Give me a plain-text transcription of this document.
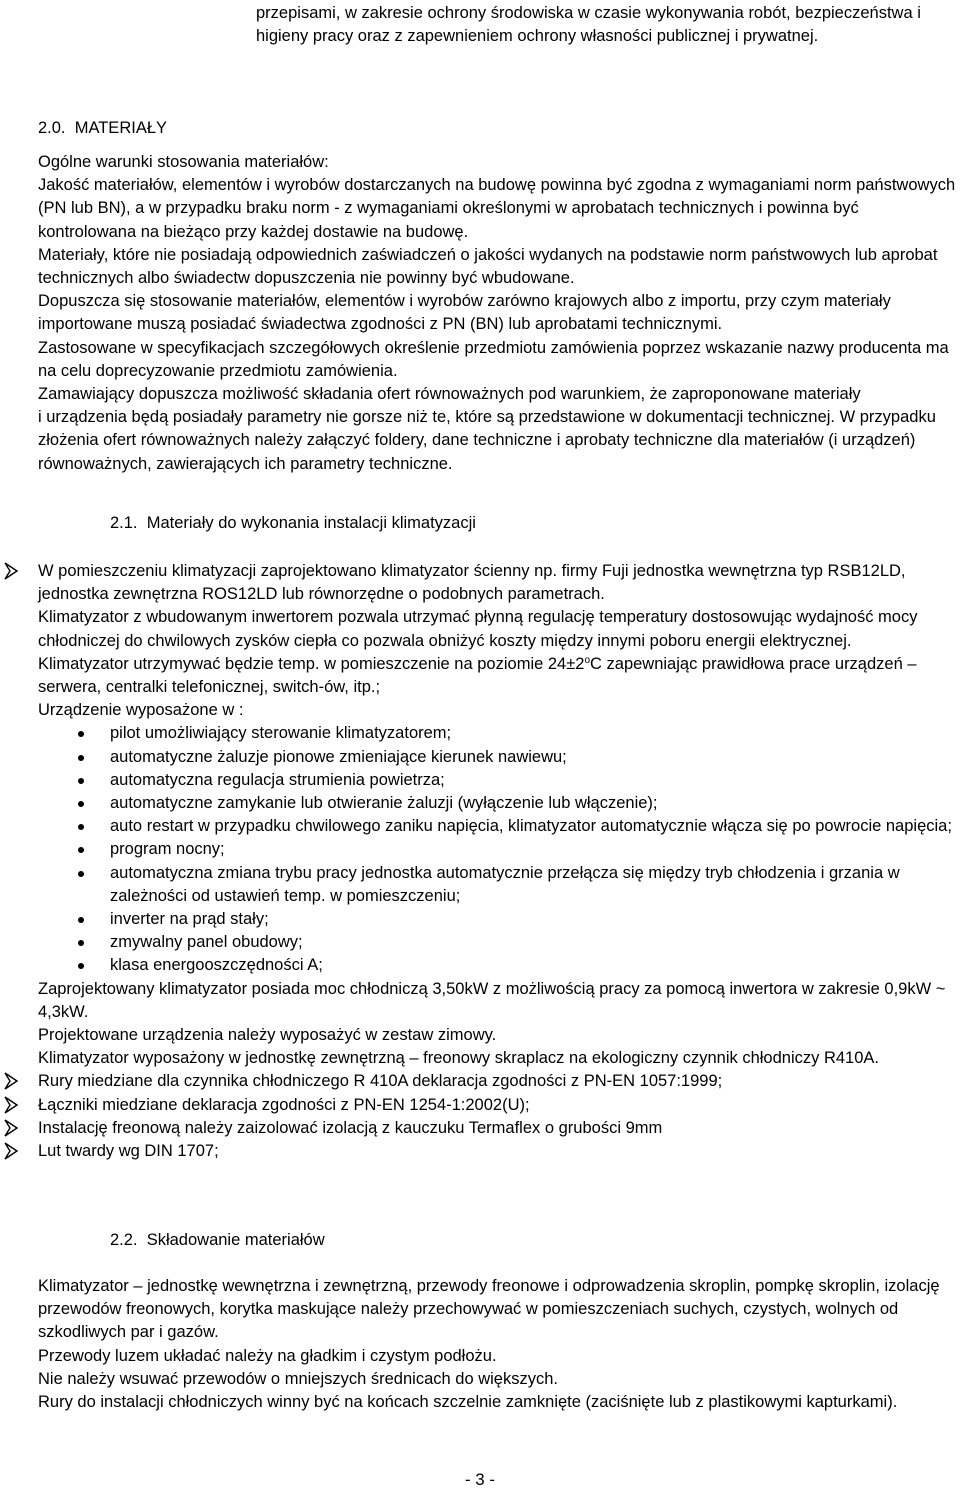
przepisami, w zakresie ochrony środowiska w czasie wykonywania robót, bezpieczeństwa i

higieny pracy oraz z zapewnieniem ochrony własności publicznej i prywatnej.

2.0. MATERIAŁY

Ogólne warunki stosowania materiałów:

Jakość materiałów, elementów i wyrobów dostarczanych na budowę powinna być zgodna z wymaganiami norm państwowych (PN lub BN), a w przypadku braku norm - z wymaganiami określonymi w aprobatach technicznych i powinna być kontrolowana na bieżąco przy każdej dostawie na budowę.

Materiały, które nie posiadają odpowiednich zaświadczeń o jakości wydanych na podstawie norm państwowych lub aprobat technicznych albo świadectw dopuszczenia nie powinny być wbudowane.

Dopuszcza się stosowanie materiałów, elementów i wyrobów zarówno krajowych albo z importu, przy czym materiały importowane muszą posiadać świadectwa zgodności z PN (BN) lub aprobatami technicznymi.

Zastosowane w specyfikacjach szczegółowych określenie przedmiotu zamówienia poprzez wskazanie nazwy producenta ma na celu doprecyzowanie przedmiotu zamówienia.

Zamawiający dopuszcza możliwość składania ofert równoważnych pod warunkiem, że zaproponowane materiały

i urządzenia będą posiadały parametry nie gorsze niż te, które są przedstawione w dokumentacji technicznej. W przypadku złożenia ofert równoważnych należy załączyć foldery, dane techniczne i aprobaty techniczne dla materiałów (i urządzeń) równoważnych, zawierających ich parametry techniczne.

2.1. Materiały do wykonania instalacji klimatyzacji

W pomieszczeniu klimatyzacji zaprojektowano klimatyzator ścienny np. firmy Fuji jednostka wewnętrzna typ RSB12LD, jednostka zewnętrzna ROS12LD lub równorzędne o podobnych parametrach.

Klimatyzator z wbudowanym inwertorem pozwala utrzymać płynną regulację temperatury dostosowując wydajność mocy chłodniczej do chwilowych zysków ciepła co pozwala obniżyć koszty między innymi poboru energii elektrycznej.

Klimatyzator utrzymywać będzie temp. w pomieszczenie na poziomie $24\pm 2^oC$ zapewniając prawidłowa prace urządzeń – serwera, centralki telefonicznej, switch-ów, itp.;

Urządzenie wyposażone w :

pilot umożliwiający sterowanie klimatyzatorem;
automatyczne żaluzje pionowe zmieniające kierunek nawiewu;
automatyczna regulacja strumienia powietrza;
automatyczne zamykanie lub otwieranie żaluzji (wyłączenie lub włączenie);
auto restart w przypadku chwilowego zaniku napięcia, klimatyzator automatycznie włącza się po powrocie napięcia;
program nocny;
automatyczna zmiana trybu pracy jednostka automatycznie przełącza się między tryb chłodzenia i grzania w zależności od ustawień temp. w pomieszczeniu;
inverter na prąd stały;
zmywalny panel obudowy;
klasa energooszczędności A;

Zaprojektowany klimatyzator posiada moc chłodniczą 3,50kW z możliwością pracy za pomocą inwertora w zakresie 0,9kW ~ 4,3kW.

Projektowane urządzenia należy wyposażyć w zestaw zimowy.

Klimatyzator wyposażony w jednostkę zewnętrzną – freonowy skraplacz na ekologiczny czynnik chłodniczy R410A.

Rury miedziane dla czynnika chłodniczego R 410A deklaracja zgodności z PN-EN 1057:1999;

Łączniki miedziane deklaracja zgodności z PN-EN 1254-1:2002(U);

Instalację freonową należy zaizolować izolacją z kauczuku Termaflex o grubości 9mm

Lut twardy wg DIN 1707;

2.2. Składowanie materiałów

Klimatyzator – jednostkę wewnętrzna i zewnętrzną, przewody freonowe i odprowadzenia skroplin, pompkę skroplin, izolację przewodów freonowych, korytka maskujące należy przechowywać w pomieszczeniach suchych, czystych, wolnych od szkodliwych par i gazów.

Przewody luzem układać należy na gładkim i czystym podłożu.

Nie należy wsuwać przewodów o mniejszych średnicach do większych.

Rury do instalacji chłodniczych winny być na końcach szczelnie zamknięte (zaciśnięte lub z plastikowymi kapturkami).

- 3 -
